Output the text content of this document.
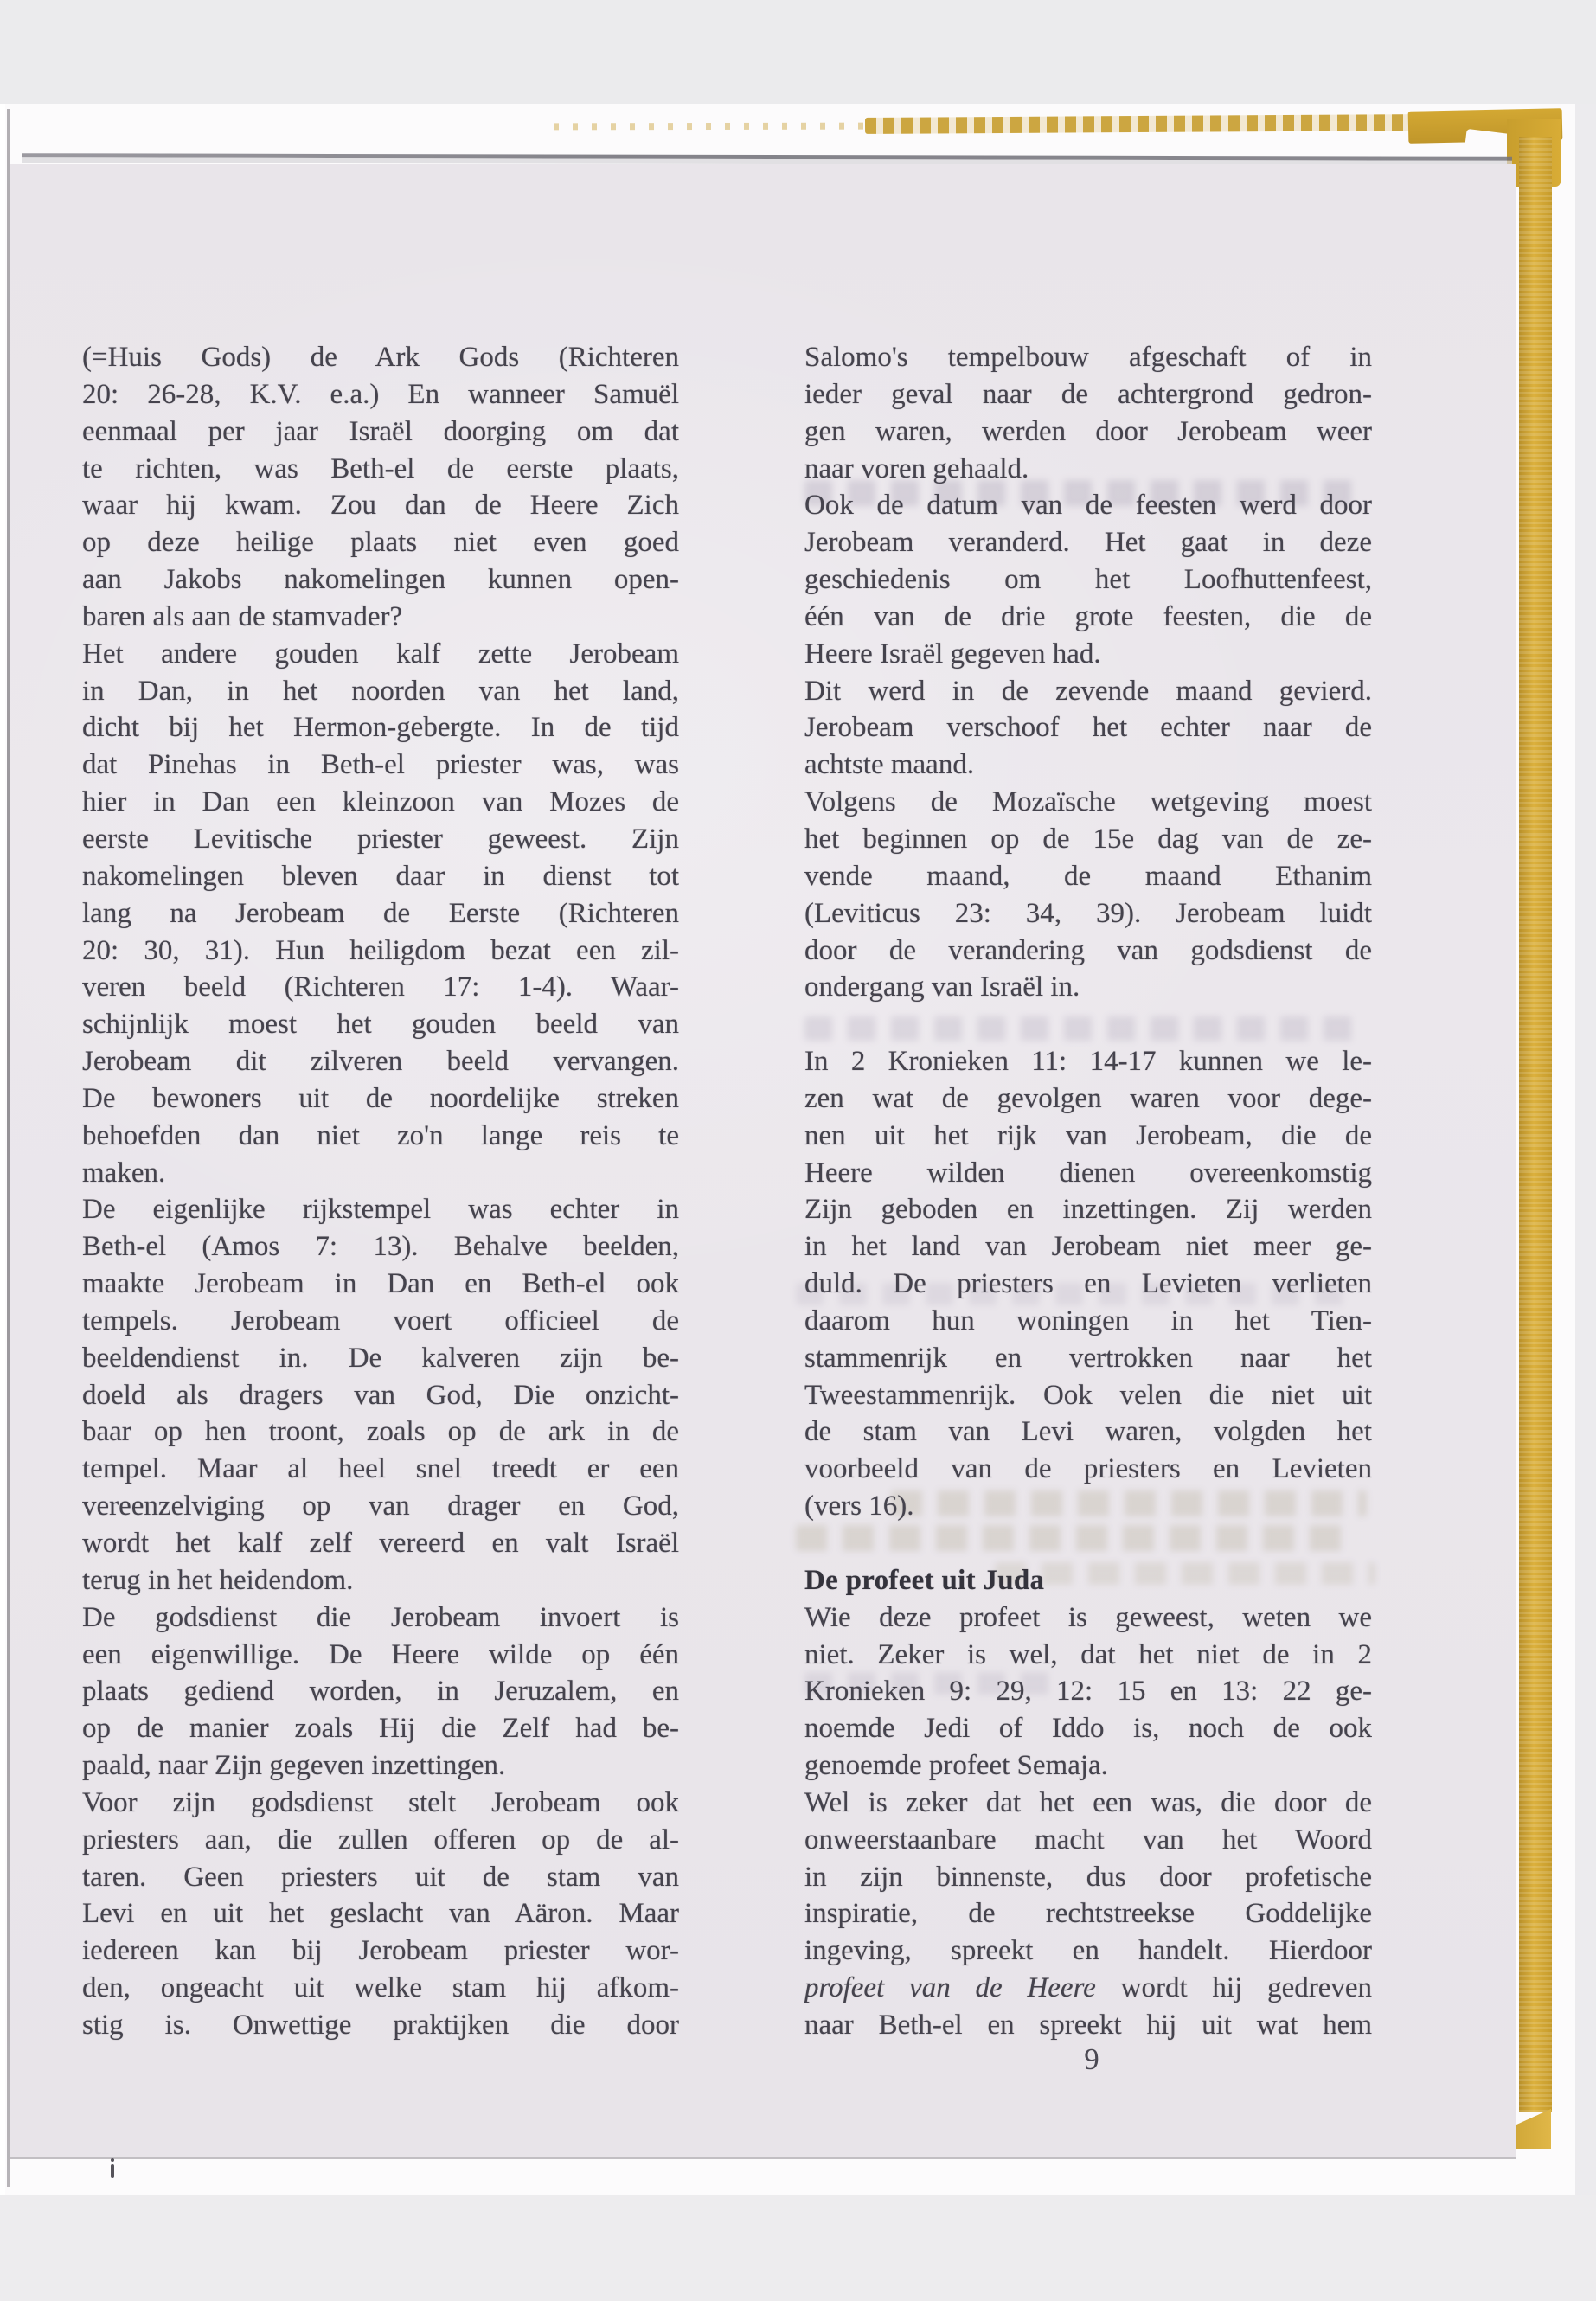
(=Huis Gods) de Ark Gods (Richteren
20: 26-28, K.V. e.a.) En wanneer Samuël
eenmaal per jaar Israël doorging om dat
te richten, was Beth-el de eerste plaats,
waar hij kwam. Zou dan de Heere Zich
op deze heilige plaats niet even goed
aan Jakobs nakomelingen kunnen open-
baren als aan de stamvader?
Het andere gouden kalf zette Jerobeam
in Dan, in het noorden van het land,
dicht bij het Hermon-gebergte. In de tijd
dat Pinehas in Beth-el priester was, was
hier in Dan een kleinzoon van Mozes de
eerste Levitische priester geweest. Zijn
nakomelingen bleven daar in dienst tot
lang na Jerobeam de Eerste (Richteren
20: 30, 31). Hun heiligdom bezat een zil-
veren beeld (Richteren 17: 1-4). Waar-
schijnlijk moest het gouden beeld van
Jerobeam dit zilveren beeld vervangen.
De bewoners uit de noordelijke streken
behoefden dan niet zo'n lange reis te
maken.
De eigenlijke rijkstempel was echter in
Beth-el (Amos 7: 13). Behalve beelden,
maakte Jerobeam in Dan en Beth-el ook
tempels. Jerobeam voert officieel de
beeldendienst in. De kalveren zijn be-
doeld als dragers van God, Die onzicht-
baar op hen troont, zoals op de ark in de
tempel. Maar al heel snel treedt er een
vereenzelviging op van drager en God,
wordt het kalf zelf vereerd en valt Israël
terug in het heidendom.
De godsdienst die Jerobeam invoert is
een eigenwillige. De Heere wilde op één
plaats gediend worden, in Jeruzalem, en
op de manier zoals Hij die Zelf had be-
paald, naar Zijn gegeven inzettingen.
Voor zijn godsdienst stelt Jerobeam ook
priesters aan, die zullen offeren op de al-
taren. Geen priesters uit de stam van
Levi en uit het geslacht van Aäron. Maar
iedereen kan bij Jerobeam priester wor-
den, ongeacht uit welke stam hij afkom-
stig is. Onwettige praktijken die door
Salomo's tempelbouw afgeschaft of in
ieder geval naar de achtergrond gedron-
gen waren, werden door Jerobeam weer
naar voren gehaald.
Ook de datum van de feesten werd door
Jerobeam veranderd. Het gaat in deze
geschiedenis om het Loofhuttenfeest,
één van de drie grote feesten, die de
Heere Israël gegeven had.
Dit werd in de zevende maand gevierd.
Jerobeam verschoof het echter naar de
achtste maand.
Volgens de Mozaïsche wetgeving moest
het beginnen op de 15e dag van de ze-
vende maand, de maand Ethanim
(Leviticus 23: 34, 39). Jerobeam luidt
door de verandering van godsdienst de
ondergang van Israël in.
In 2 Kronieken 11: 14-17 kunnen we le-
zen wat de gevolgen waren voor dege-
nen uit het rijk van Jerobeam, die de
Heere wilden dienen overeenkomstig
Zijn geboden en inzettingen. Zij werden
in het land van Jerobeam niet meer ge-
duld. De priesters en Levieten verlieten
daarom hun woningen in het Tien-
stammenrijk en vertrokken naar het
Tweestammenrijk. Ook velen die niet uit
de stam van Levi waren, volgden het
voorbeeld van de priesters en Levieten
(vers 16).
De profeet uit Juda
Wie deze profeet is geweest, weten we
niet. Zeker is wel, dat het niet de in 2
Kronieken 9: 29, 12: 15 en 13: 22 ge-
noemde Jedi of Iddo is, noch de ook
genoemde profeet Semaja.
Wel is zeker dat het een was, die door de
onweerstaanbare macht van het Woord
in zijn binnenste, dus door profetische
inspiratie, de rechtstreekse Goddelijke
ingeving, spreekt en handelt. Hierdoor
profeet van de Heere wordt hij gedreven
naar Beth-el en spreekt hij uit wat hem
9
